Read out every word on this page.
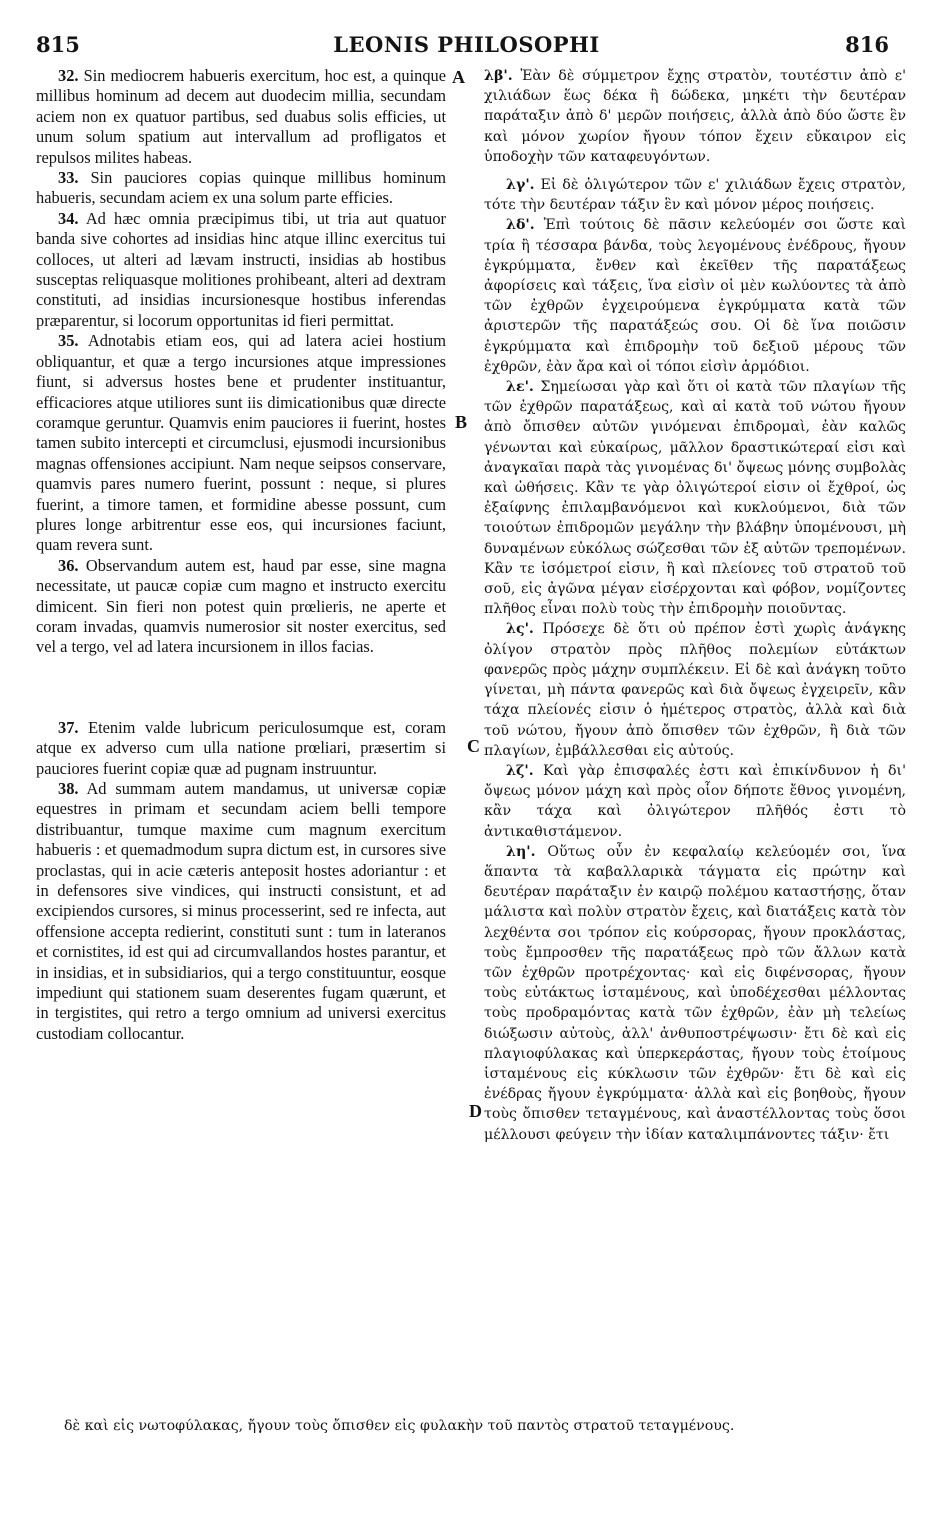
815	LEONIS PHILOSOPHI	816

32. Sin mediocrem habueris exercitum, hoc est, a quinque millibus hominum ad decem aut duodecim millia, secundam aciem non ex quatuor partibus, sed duabus solis efficies, ut unum solum spatium aut intervallum ad profligatos et repulsos milites habeas.

33. Sin pauciores copias quinque millibus hominum habueris, secundam aciem ex una solum parte efficies.

34. Ad hæc omnia præcipimus tibi, ut tria aut quatuor banda sive cohortes ad insidias hinc atque illinc exercitus tui colloces, ut alteri ad lævam instructi, insidias ab hostibus susceptas reliquasque molitiones prohibeant, alteri ad dextram constituti, ad insidias incursionesque hostibus inferendas præparentur, si locorum opportunitas id fieri permittat.

35. Adnotabis etiam eos, qui ad latera aciei hostium obliquantur, et quæ a tergo incursiones atque impressiones fiunt, si adversus hostes bene et prudenter instituantur, efficaciores atque utiliores sunt iis dimicationibus quæ directe coramque geruntur. Quamvis enim pauciores ii fuerint, hostes tamen subito intercepti et circumclusi, ejusmodi incursionibus magnas offensiones accipiunt. Nam neque seipsos conservare, quamvis pares numero fuerint, possunt : neque, si plures fuerint, a timore tamen, et formidine abesse possunt, cum plures longe arbitrentur esse eos, qui incursiones faciunt, quam revera sunt.

36. Observandum autem est, haud par esse, sine magna necessitate, ut paucæ copiæ cum magno et instructo exercitu dimicent. Sin fieri non potest quin prœlieris, ne aperte et coram invadas, quamvis numerosior sit noster exercitus, sed vel a tergo, vel ad latera incursionem in illos facias.

37. Etenim valde lubricum periculosumque est, coram atque ex adverso cum ulla natione prœliari, præsertim si pauciores fuerint copiæ quæ ad pugnam instruuntur.

38. Ad summam autem mandamus, ut universæ copiæ equestres in primam et secundam aciem belli tempore distribuantur, tumque maxime cum magnum exercitum habueris : et quemadmodum supra dictum est, in cursores sive proclastas, qui in acie cæteris anteposit hostes adoriantur : et in defensores sive vindices, qui instructi consistunt, et ad excipiendos cursores, si minus processerint, sed re infecta, aut offensione accepta redierint, constituti sunt : tum in lateranos et cornistites, id est qui ad circumvallandos hostes parantur, et in insidias, et in subsidiarios, qui a tergo constituuntur, eosque impediunt qui stationem suam deserentes fugam quærunt, et in tergistites, qui retro a tergo omnium ad universi exercitus custodiam collocantur.

A
B
C
D

λβ'. Ἐὰν δὲ σύμμετρον ἔχῃς στρατὸν, τουτέστιν ἀπὸ ε' χιλιάδων ἕως δέκα ἢ δώδεκα, μηκέτι τὴν δευτέραν παράταξιν ἀπὸ δ' μερῶν ποιήσεις, ἀλλὰ ἀπὸ δύο ὥστε ἓν καὶ μόνον χωρίον ἤγουν τόπον ἔχειν εὔκαιρον εἰς ὑποδοχὴν τῶν καταφευγόντων.

λγ'. Εἰ δὲ ὀλιγώτερον τῶν ε' χιλιάδων ἔχεις στρατὸν, τότε τὴν δευτέραν τάξιν ἓν καὶ μόνον μέρος ποιήσεις.

λδ'. Ἐπὶ τούτοις δὲ πᾶσιν κελεύομέν σοι ὥστε καὶ τρία ἢ τέσσαρα βάνδα, τοὺς λεγομένους ἐνέδρους, ἤγουν ἐγκρύμματα, ἔνθεν καὶ ἐκεῖθεν τῆς παρατάξεως ἀφορίσεις καὶ τάξεις, ἵνα εἰσὶν οἱ μὲν κωλύοντες τὰ ἀπὸ τῶν ἐχθρῶν ἐγχειρούμενα ἐγκρύμματα κατὰ τῶν ἀριστερῶν τῆς παρατάξεώς σου. Οἱ δὲ ἵνα ποιῶσιν ἐγκρύμματα καὶ ἐπιδρομὴν τοῦ δεξιοῦ μέρους τῶν ἐχθρῶν, ἐὰν ἄρα καὶ οἱ τόποι εἰσὶν ἁρμόδιοι.

λε'. Σημείωσαι γὰρ καὶ ὅτι οἱ κατὰ τῶν πλαγίων τῆς τῶν ἐχθρῶν παρατάξεως, καὶ αἱ κατὰ τοῦ νώτου ἤγουν ἀπὸ ὄπισθεν αὐτῶν γινόμεναι ἐπιδρομαὶ, ἐὰν καλῶς γένωνται καὶ εὐκαίρως, μᾶλλον δραστικώτεραί εἰσι καὶ ἀναγκαῖαι παρὰ τὰς γινομένας δι' ὄψεως μόνης συμβολὰς καὶ ὠθήσεις. Κἂν τε γὰρ ὀλιγώτεροί εἰσιν οἱ ἔχθροί, ὡς ἐξαίφνης ἐπιλαμβανόμενοι καὶ κυκλούμενοι, διὰ τῶν τοιούτων ἐπιδρομῶν μεγάλην τὴν βλάβην ὑπομένουσι, μὴ δυναμένων εὐκόλως σώζεσθαι τῶν ἐξ αὐτῶν τρεπομένων. Κἂν τε ἰσόμετροί εἰσιν, ἢ καὶ πλείονες τοῦ στρατοῦ τοῦ σοῦ, εἰς ἀγῶνα μέγαν εἰσέρχονται καὶ φόβον, νομίζοντες πλῆθος εἶναι πολὺ τοὺς τὴν ἐπιδρομὴν ποιοῦντας.

λς'. Πρόσεχε δὲ ὅτι οὐ πρέπον ἐστὶ χωρὶς ἀνάγκης ὀλίγον στρατὸν πρὸς πλῆθος πολεμίων εὐτάκτων φανερῶς πρὸς μάχην συμπλέκειν. Εἰ δὲ καὶ ἀνάγκη τοῦτο γίνεται, μὴ πάντα φανερῶς καὶ διὰ ὄψεως ἐγχειρεῖν, κἂν τάχα πλείονές εἰσιν ὁ ἡμέτερος στρατὸς, ἀλλὰ καὶ διὰ τοῦ νώτου, ἤγουν ἀπὸ ὄπισθεν τῶν ἐχθρῶν, ἢ διὰ τῶν πλαγίων, ἐμβάλλεσθαι εἰς αὐτούς.

λζ'. Καὶ γὰρ ἐπισφαλές ἐστι καὶ ἐπικίνδυνον ἡ δι' ὄψεως μόνον μάχη καὶ πρὸς οἷον δήποτε ἔθνος γινομένη, κἂν τάχα καὶ ὀλιγώτερον πλῆθός ἐστι τὸ ἀντικαθιστάμενον.

λη'. Οὕτως οὖν ἐν κεφαλαίῳ κελεύομέν σοι, ἵνα ἅπαντα τὰ καβαλλαρικὰ τάγματα εἰς πρώτην καὶ δευτέραν παράταξιν ἐν καιρῷ πολέμου καταστήσῃς, ὅταν μάλιστα καὶ πολὺν στρατὸν ἔχεις, καὶ διατάξεις κατὰ τὸν λεχθέντα σοι τρόπον εἰς κούρσορας, ἤγουν προκλάστας, τοὺς ἔμπροσθεν τῆς παρατάξεως πρὸ τῶν ἄλλων κατὰ τῶν ἐχθρῶν προτρέχοντας· καὶ εἰς διφένσορας, ἤγουν τοὺς εὐτάκτως ἱσταμένους, καὶ ὑποδέχεσθαι μέλλοντας τοὺς προδραμόντας κατὰ τῶν ἐχθρῶν, ἐὰν μὴ τελείως διώξωσιν αὐτοὺς, ἀλλ' ἀνθυποστρέψωσιν· ἔτι δὲ καὶ εἰς πλαγιοφύλακας καὶ ὑπερκεράστας, ἤγουν τοὺς ἑτοίμους ἱσταμένους εἰς κύκλωσιν τῶν ἐχθρῶν· ἔτι δὲ καὶ εἰς ἐνέδρας ἤγουν ἐγκρύμματα· ἀλλὰ καὶ εἰς βοηθοὺς, ἤγουν τοὺς ὄπισθεν τεταγμένους, καὶ ἀναστέλλοντας τοὺς ὅσοι μέλλουσι φεύγειν τὴν ἰδίαν καταλιμπάνοντες τάξιν· ἔτι

δὲ καὶ εἰς νωτοφύλακας, ἤγουν τοὺς ὄπισθεν εἰς φυλακὴν τοῦ παντὸς στρατοῦ τεταγμένους.
